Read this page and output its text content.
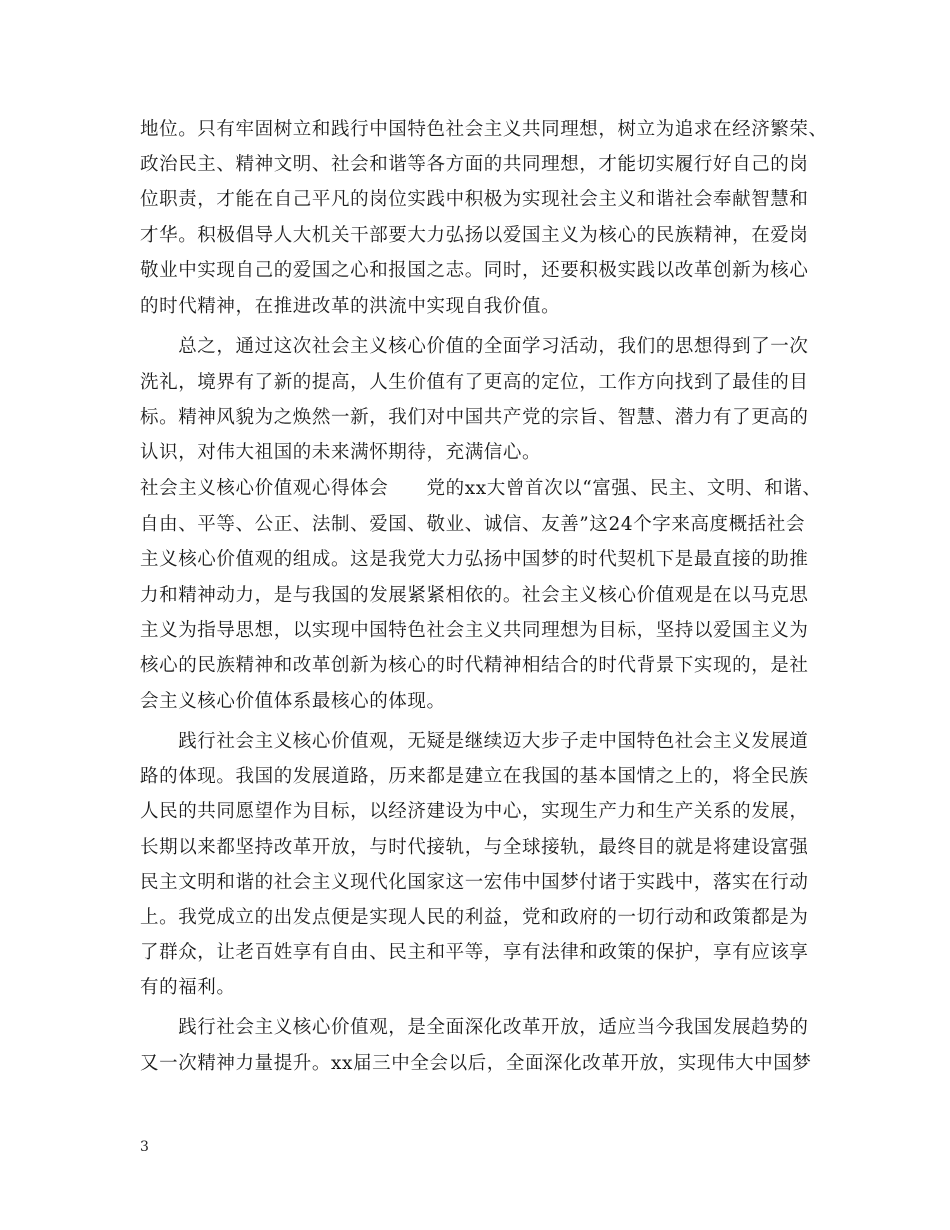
地位。只有牢固树立和践行中国特色社会主义共同理想，树立为追求在经济繁荣、
政治民主、精神文明、社会和谐等各方面的共同理想，才能切实履行好自己的岗
位职责，才能在自己平凡的岗位实践中积极为实现社会主义和谐社会奉献智慧和
才华。积极倡导人大机关干部要大力弘扬以爱国主义为核心的民族精神，在爱岗
敬业中实现自己的爱国之心和报国之志。同时，还要积极实践以改革创新为核心
的时代精神，在推进改革的洪流中实现自我价值。
　　总之，通过这次社会主义核心价值的全面学习活动，我们的思想得到了一次
洗礼，境界有了新的提高，人生价值有了更高的定位，工作方向找到了最佳的目
标。精神风貌为之焕然一新，我们对中国共产党的宗旨、智慧、潜力有了更高的
认识，对伟大祖国的未来满怀期待，充满信心。
社会主义核心价值观心得体会　　党的xx大曾首次以“富强、民主、文明、和谐、
自由、平等、公正、法制、爱国、敬业、诚信、友善”这24个字来高度概括社会
主义核心价值观的组成。这是我党大力弘扬中国梦的时代契机下是最直接的助推
力和精神动力，是与我国的发展紧紧相依的。社会主义核心价值观是在以马克思
主义为指导思想，以实现中国特色社会主义共同理想为目标，坚持以爱国主义为
核心的民族精神和改革创新为核心的时代精神相结合的时代背景下实现的，是社
会主义核心价值体系最核心的体现。
　　践行社会主义核心价值观，无疑是继续迈大步子走中国特色社会主义发展道
路的体现。我国的发展道路，历来都是建立在我国的基本国情之上的，将全民族
人民的共同愿望作为目标，以经济建设为中心，实现生产力和生产关系的发展，
长期以来都坚持改革开放，与时代接轨，与全球接轨，最终目的就是将建设富强
民主文明和谐的社会主义现代化国家这一宏伟中国梦付诸于实践中，落实在行动
上。我党成立的出发点便是实现人民的利益，党和政府的一切行动和政策都是为
了群众，让老百姓享有自由、民主和平等，享有法律和政策的保护，享有应该享
有的福利。
　　践行社会主义核心价值观，是全面深化改革开放，适应当今我国发展趋势的
又一次精神力量提升。xx届三中全会以后，全面深化改革开放，实现伟大中国梦
3
